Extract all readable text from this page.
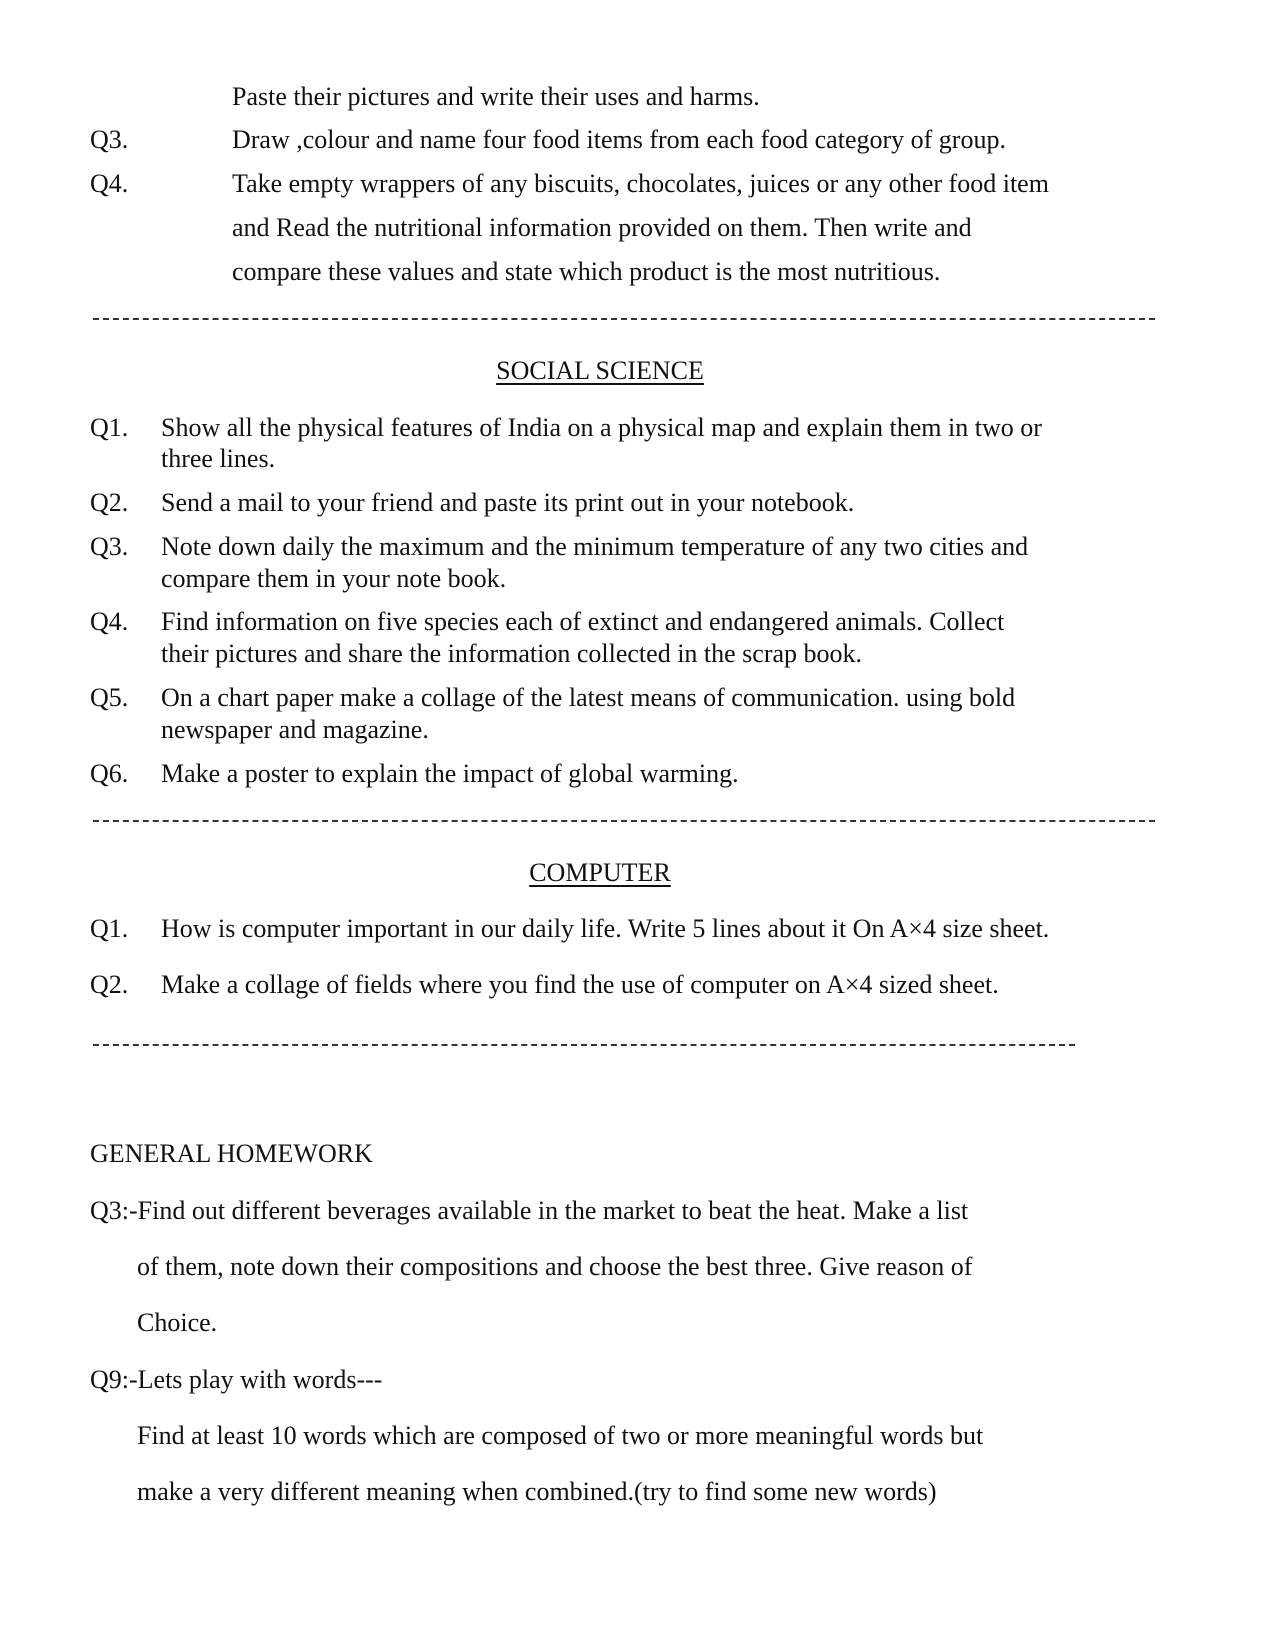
Paste their pictures and write their uses and harms.
Q3.	Draw ,colour and name four food items from each food category of group.
Q4.	Take empty wrappers of any biscuits, chocolates, juices or any other food item
and Read the nutritional information provided on them. Then write and
compare these values and state which product is the most nutritious.
SOCIAL SCIENCE
Q1. Show all the physical features of India on a physical map and explain them in two or
three lines.
Q2. Send a mail to your friend and paste its print out in your notebook.
Q3. Note down daily the maximum and the minimum temperature of any two cities and
compare them in your note book.
Q4. Find information on five species each of extinct and endangered animals. Collect
their pictures and share the information collected in the scrap book.
Q5. On a chart paper make a collage of the latest means of communication. using bold
newspaper and magazine.
Q6. Make a poster to explain the impact of global warming.
COMPUTER
Q1. How is computer important in our daily life. Write 5 lines about it On A×4 size sheet.
Q2. Make a collage of fields where you find the use of computer on A×4 sized sheet.
GENERAL HOMEWORK
Q3:-Find out different beverages available in the market to beat the heat. Make a list
of them, note down their compositions and choose the best three. Give reason of
Choice.
Q9:-Lets play with words---
Find at least 10 words which are composed of two or more meaningful words but
make a very different meaning when combined.(try to find some new words)
